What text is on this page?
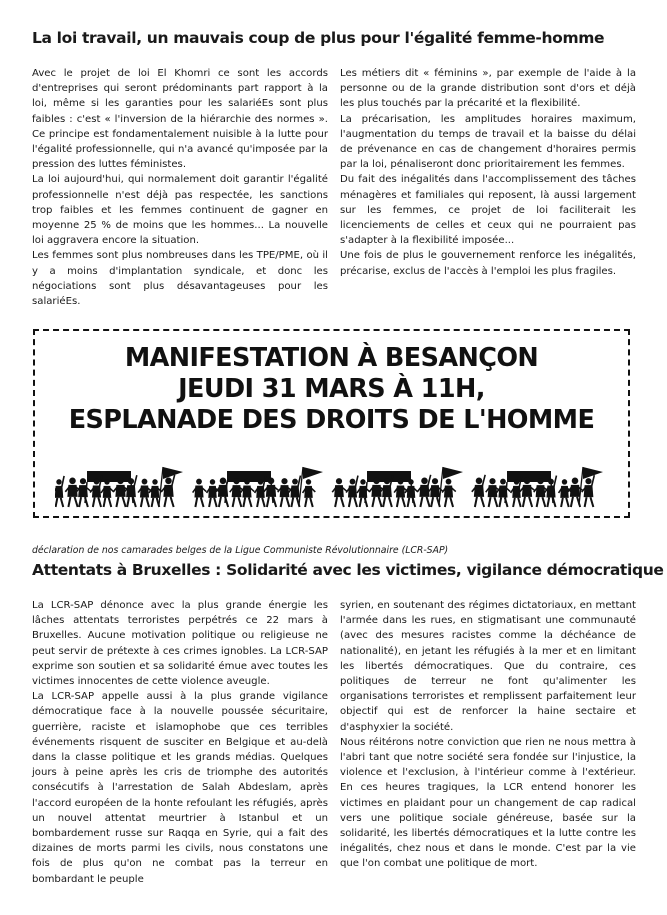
La loi travail, un mauvais coup de plus pour l'égalité femme-homme

Avec le projet de loi El Khomri ce sont les accords d'entreprises qui seront prédominants part rapport à la loi, même si les garanties pour les salariéEs sont plus faibles : c'est « l'inversion de la hiérarchie des normes ». Ce principe est fondamentalement nuisible à la lutte pour l'égalité professionnelle, qui n'a avancé qu'imposée par la pression des luttes féministes.

La loi aujourd'hui, qui normalement doit garantir l'égalité professionnelle n'est déjà pas respectée, les sanctions trop faibles et les femmes continuent de gagner en moyenne 25 % de moins que les hommes... La nouvelle loi aggravera encore la situation.

Les femmes sont plus nombreuses dans les TPE/PME, où il y a moins d'implantation syndicale, et donc les négociations sont plus désavantageuses pour les salariéEs.

Les métiers dit « féminins », par exemple de l'aide à la personne ou de la grande distribution sont d'ors et déjà les plus touchés par la précarité et la flexibilité.

La précarisation, les amplitudes horaires maximum, l'augmentation du temps de travail et la baisse du délai de prévenance en cas de changement d'horaires permis par la loi, pénaliseront donc prioritairement les femmes.

Du fait des inégalités dans l'accomplissement des tâches ménagères et familiales qui reposent, là aussi largement sur les femmes, ce projet de loi faciliterait les licenciements de celles et ceux qui ne pourraient pas s'adapter à la flexibilité imposée...

Une fois de plus le gouvernement renforce les inégalités, précarise, exclus de l'accès à l'emploi les plus fragiles.

MANIFESTATION À BESANÇON
JEUDI 31 MARS À 11H,
ESPLANADE DES DROITS DE L'HOMME
déclaration de nos camarades belges de la Ligue Communiste Révolutionnaire (LCR-SAP)
Attentats à Bruxelles : Solidarité avec les victimes, vigilance démocratique

La LCR-SAP dénonce avec la plus grande énergie les lâches attentats terroristes perpétrés ce 22 mars à Bruxelles. Aucune motivation politique ou religieuse ne peut servir de prétexte à ces crimes ignobles. La LCR-SAP exprime son soutien et sa solidarité émue avec toutes les victimes innocentes de cette violence aveugle.

La LCR-SAP appelle aussi à la plus grande vigilance démocratique face à la nouvelle poussée sécuritaire, guerrière, raciste et islamophobe que ces terribles événements risquent de susciter en Belgique et au-delà dans la classe politique et les grands médias. Quelques jours à peine après les cris de triomphe des autorités consécutifs à l'arrestation de Salah Abdeslam, après l'accord européen de la honte refoulant les réfugiés, après un nouvel attentat meurtrier à Istanbul et un bombardement russe sur Raqqa en Syrie, qui a fait des dizaines de morts parmi les civils, nous constatons une fois de plus qu'on ne combat pas la terreur en bombardant le peuple

syrien, en soutenant des régimes dictatoriaux, en mettant l'armée dans les rues, en stigmatisant une communauté (avec des mesures racistes comme la déchéance de nationalité), en jetant les réfugiés à la mer et en limitant les libertés démocratiques. Que du contraire, ces politiques de terreur ne font qu'alimenter les organisations terroristes et remplissent parfaitement leur objectif qui est de renforcer la haine sectaire et d'asphyxier la société.

Nous réitérons notre conviction que rien ne nous mettra à l'abri tant que notre société sera fondée sur l'injustice, la violence et l'exclusion, à l'intérieur comme à l'extérieur. En ces heures tragiques, la LCR entend honorer les victimes en plaidant pour un changement de cap radical vers une politique sociale généreuse, basée sur la solidarité, les libertés démocratiques et la lutte contre les inégalités, chez nous et dans le monde. C'est par la vie que l'on combat une politique de mort.
